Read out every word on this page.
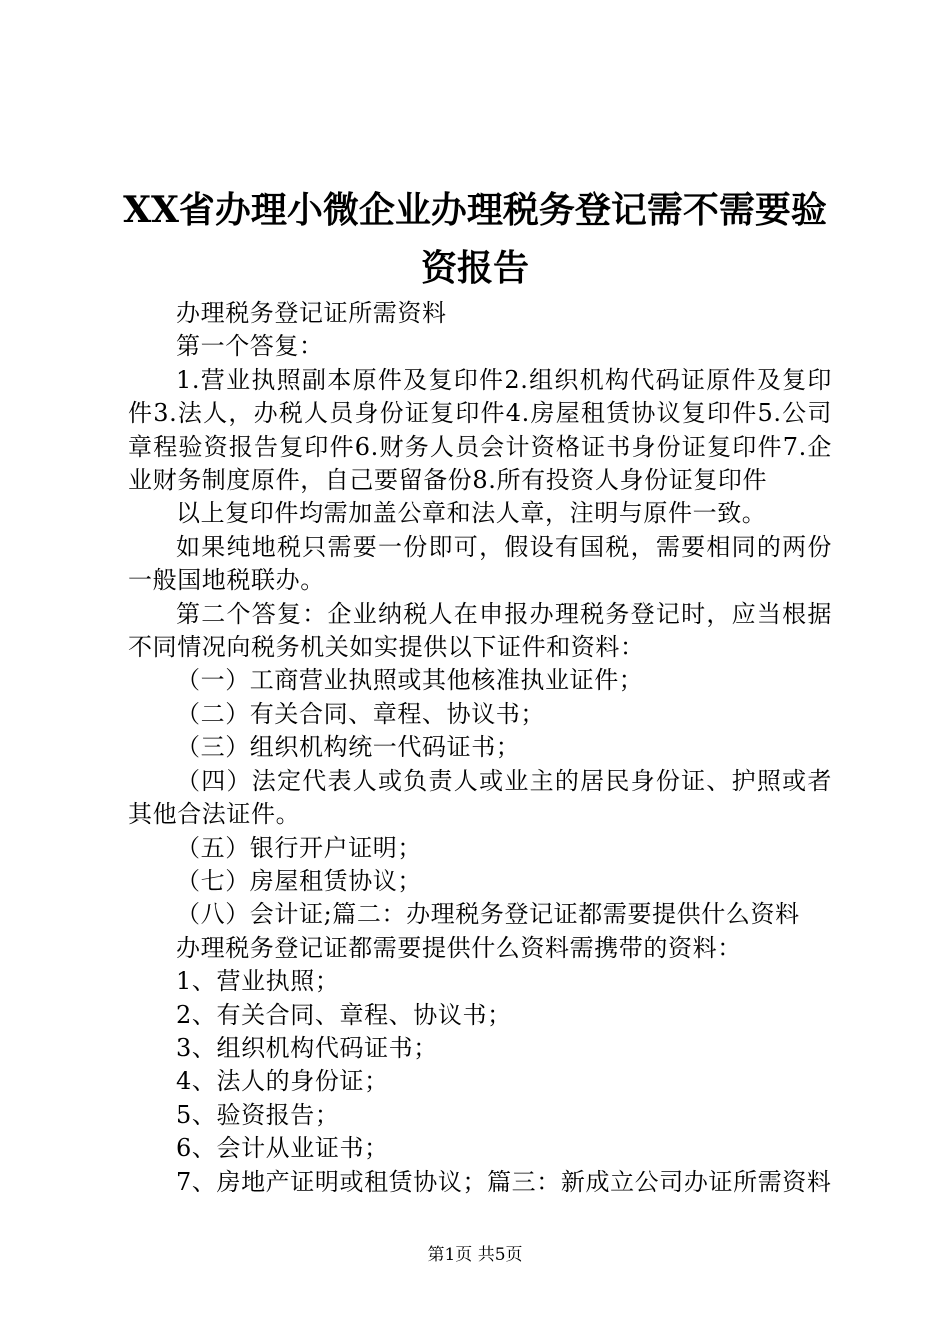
XX省办理小微企业办理税务登记需不需要验
资报告

办理税务登记证所需资料

第一个答复：

1.营业执照副本原件及复印件2.组织机构代码证原件及复印件3.法人，办税人员身份证复印件4.房屋租赁协议复印件5.公司章程验资报告复印件6.财务人员会计资格证书身份证复印件7.企业财务制度原件，自己要留备份8.所有投资人身份证复印件

以上复印件均需加盖公章和法人章，注明与原件一致。

如果纯地税只需要一份即可，假设有国税，需要相同的两份一般国地税联办。

第二个答复：企业纳税人在申报办理税务登记时，应当根据不同情况向税务机关如实提供以下证件和资料：

（一）工商营业执照或其他核准执业证件；

（二）有关合同、章程、协议书；

（三）组织机构统一代码证书；

（四）法定代表人或负责人或业主的居民身份证、护照或者其他合法证件。

（五）银行开户证明；

（七）房屋租赁协议；

（八）会计证;篇二：办理税务登记证都需要提供什么资料

办理税务登记证都需要提供什么资料需携带的资料：

1、营业执照；

2、有关合同、章程、协议书；

3、组织机构代码证书；

4、法人的身份证；

5、验资报告；

6、会计从业证书；

7、房地产证明或租赁协议；篇三：新成立公司办证所需资料

第1页 共5页
